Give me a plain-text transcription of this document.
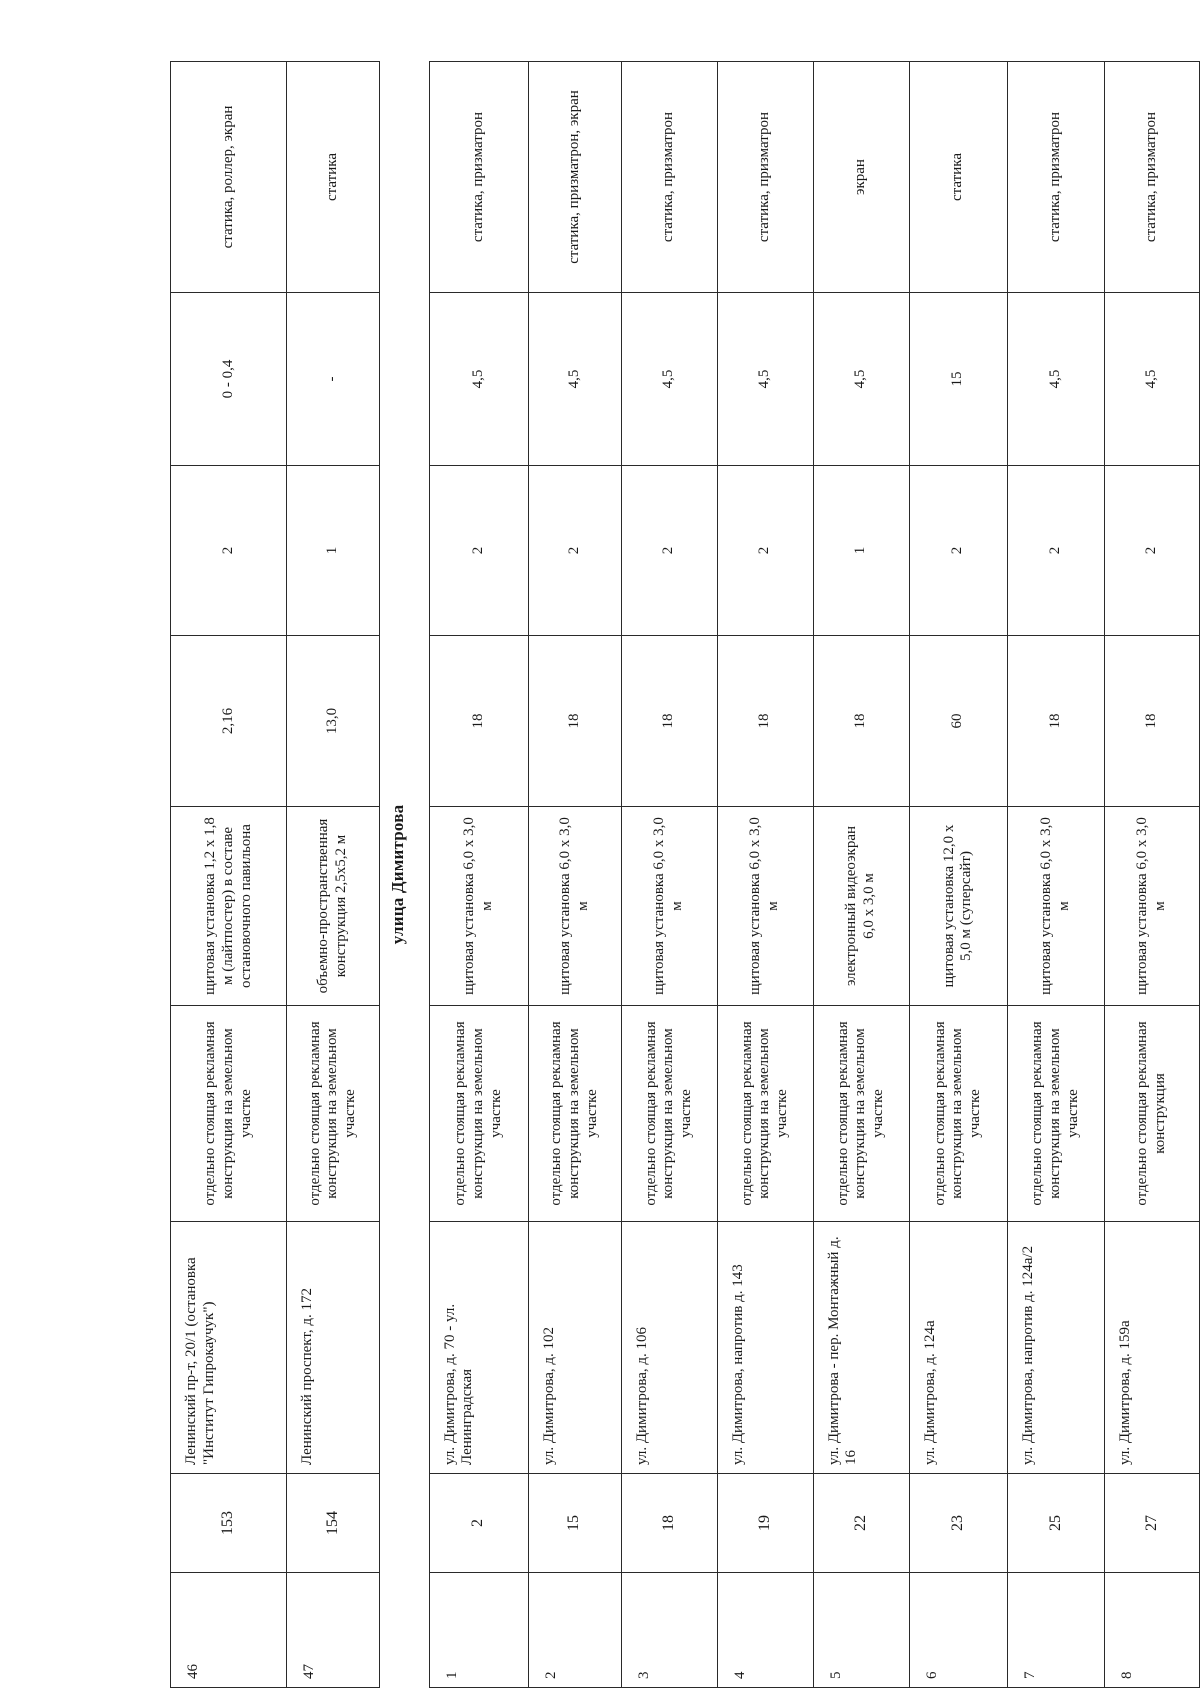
46	153	Ленинский пр-т, 20/1 (остановка "Институт Гипрокаучук")	отдельно стоящая рекламная конструкция на земельном участке	щитовая установка 1,2 х 1,8 м (лайтпостер) в составе остановочного павильона	2,16	2	0 - 0,4	статика, роллер, экран
47	154	Ленинский проспект, д. 172	отдельно стоящая рекламная конструкция на земельном участке	объемно-пространственная конструкция 2,5х5,2 м	13,0	1	-	статика
улица Димитрова								
1	2	ул. Димитрова, д. 70 - ул. Ленинградская	отдельно стоящая рекламная конструкция на земельном участке	щитовая установка 6,0 х 3,0 м	18	2	4,5	статика, призматрон
2	15	ул. Димитрова, д. 102	отдельно стоящая рекламная конструкция на земельном участке	щитовая установка 6,0 х 3,0 м	18	2	4,5	статика, призматрон, экран
3	18	ул. Димитрова, д. 106	отдельно стоящая рекламная конструкция на земельном участке	щитовая установка 6,0 х 3,0 м	18	2	4,5	статика, призматрон
4	19	ул. Димитрова, напротив д. 143	отдельно стоящая рекламная конструкция на земельном участке	щитовая установка 6,0 х 3,0 м	18	2	4,5	статика, призматрон
5	22	ул. Димитрова - пер. Монтажный д. 16	отдельно стоящая рекламная конструкция на земельном участке	электронный видеоэкран 6,0 х 3,0 м	18	1	4,5	экран
6	23	ул. Димитрова, д. 124а	отдельно стоящая рекламная конструкция на земельном участке	щитовая установка 12,0 х 5,0 м (суперсайт)	60	2	15	статика
7	25	ул. Димитрова, напротив д. 124а/2	отдельно стоящая рекламная конструкция на земельном участке	щитовая установка 6,0 х 3,0 м	18	2	4,5	статика, призматрон
8	27	ул. Димитрова, д. 159а	отдельно стоящая рекламная конструкция	щитовая установка 6,0 х 3,0 м	18	2	4,5	статика, призматрон
